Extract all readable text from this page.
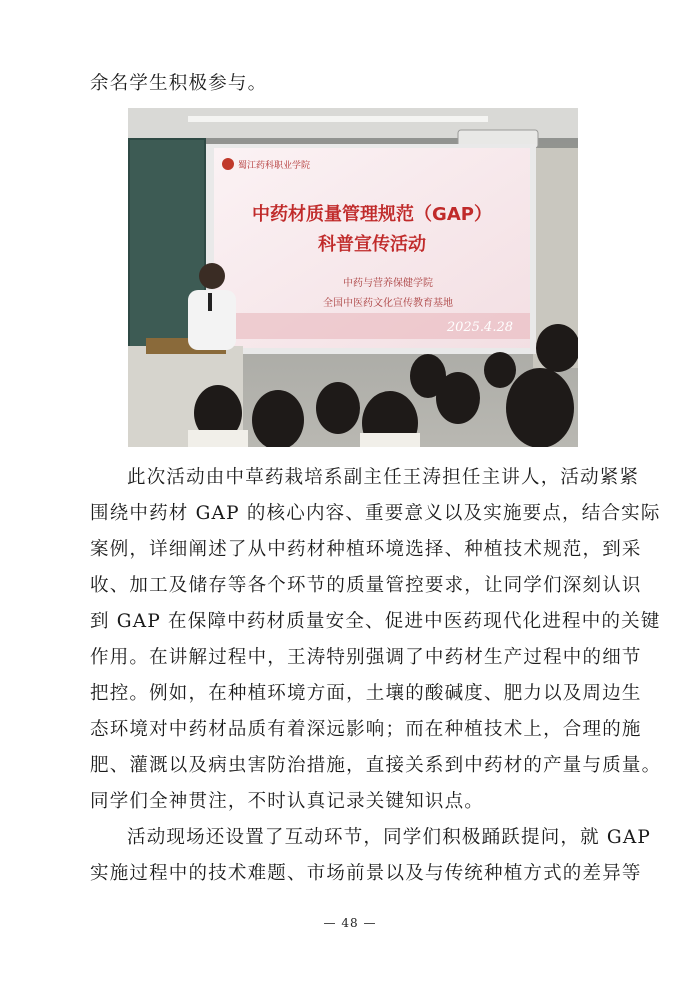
余名学生积极参与。
蜀江药科职业学院
中药材质量管理规范（GAP）
科普宣传活动
中药与营养保健学院
全国中医药文化宣传教育基地
2025.4.28
此次活动由中草药栽培系副主任王涛担任主讲人，活动紧紧
围绕中药材 GAP 的核心内容、重要意义以及实施要点，结合实际
案例，详细阐述了从中药材种植环境选择、种植技术规范，到采
收、加工及储存等各个环节的质量管控要求，让同学们深刻认识
到 GAP 在保障中药材质量安全、促进中医药现代化进程中的关键
作用。在讲解过程中，王涛特别强调了中药材生产过程中的细节
把控。例如，在种植环境方面，土壤的酸碱度、肥力以及周边生
态环境对中药材品质有着深远影响；而在种植技术上，合理的施
肥、灌溉以及病虫害防治措施，直接关系到中药材的产量与质量。
同学们全神贯注，不时认真记录关键知识点。
活动现场还设置了互动环节，同学们积极踊跃提问，就 GAP
实施过程中的技术难题、市场前景以及与传统种植方式的差异等
— 48 —
